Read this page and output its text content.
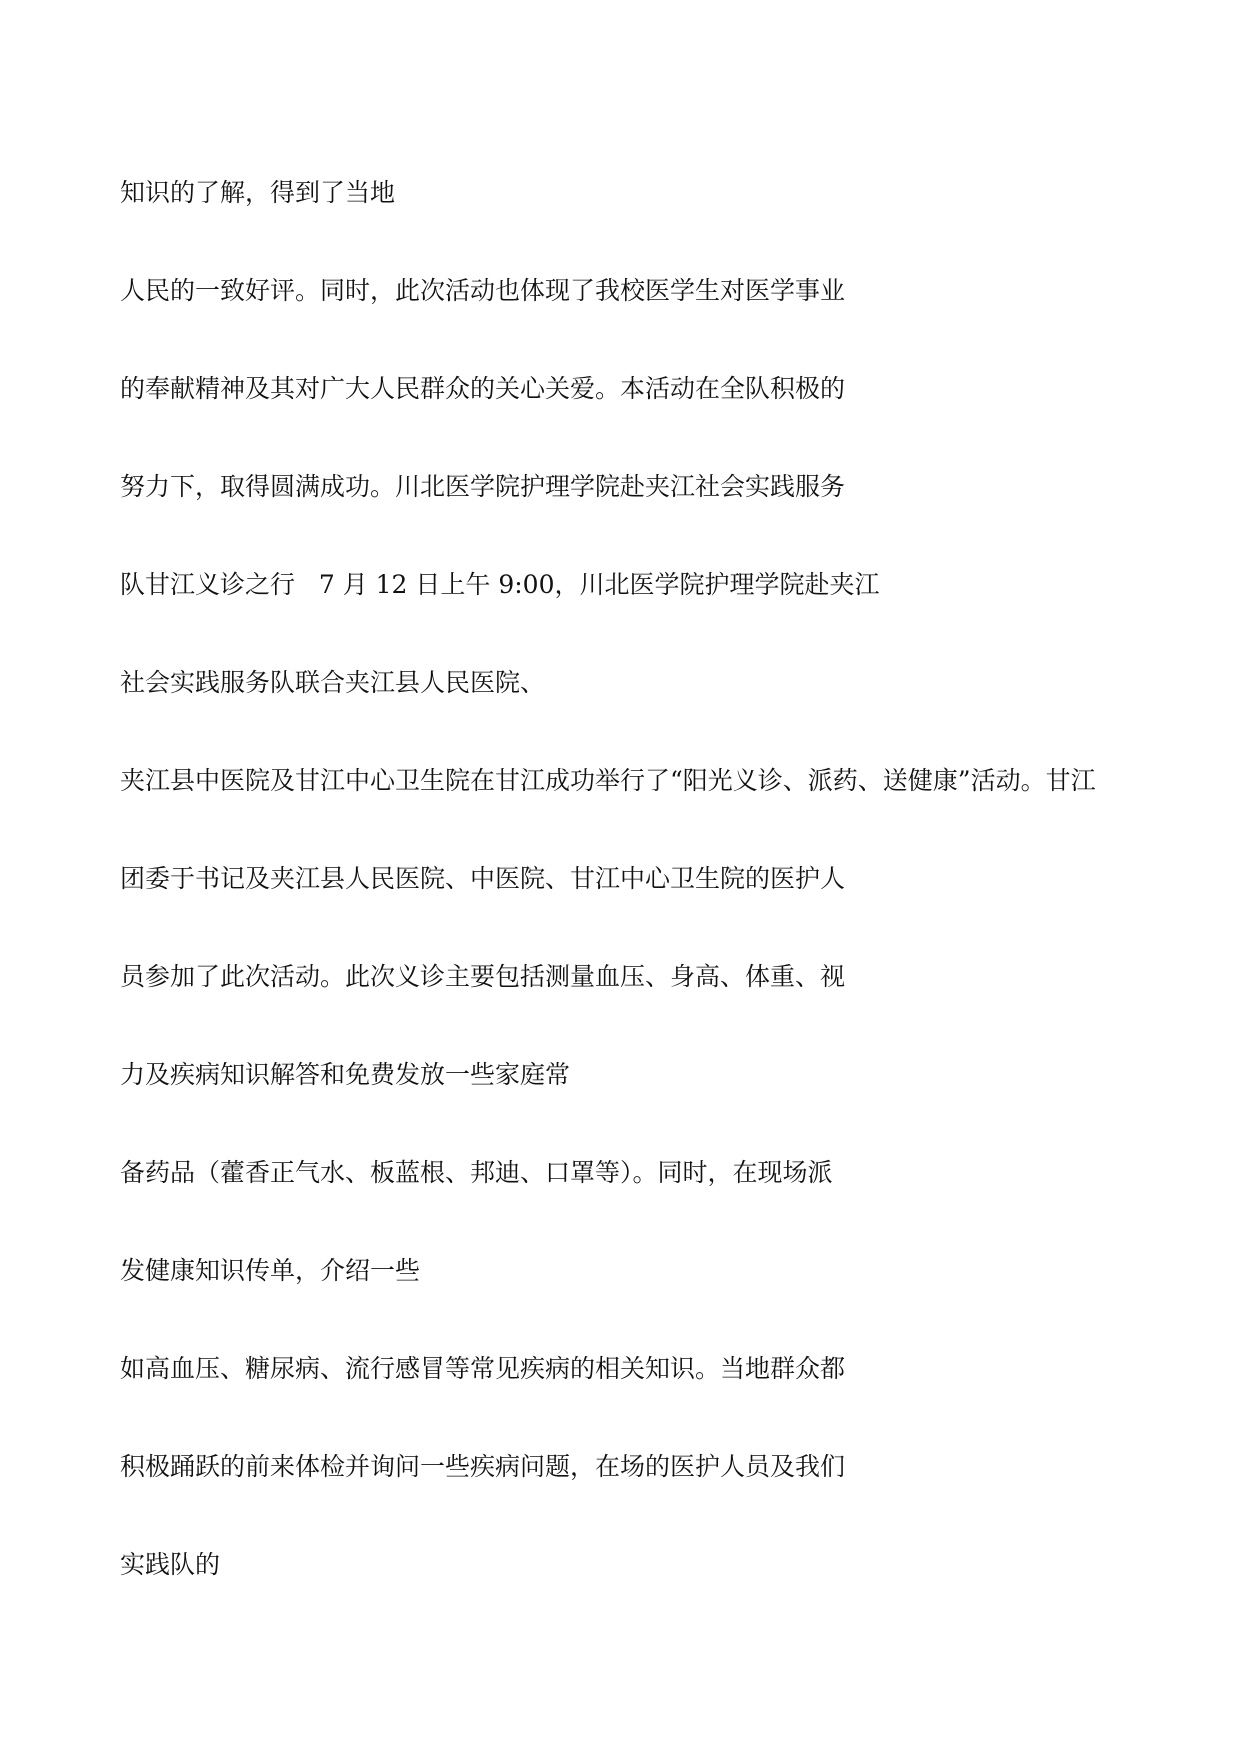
知识的了解，得到了当地

人民的一致好评。同时，此次活动也体现了我校医学生对医学事业

的奉献精神及其对广大人民群众的关心关爱。本活动在全队积极的

努力下，取得圆满成功。川北医学院护理学院赴夹江社会实践服务

队甘江义诊之行   7 月 12 日上午 9:00，川北医学院护理学院赴夹江

社会实践服务队联合夹江县人民医院、

夹江县中医院及甘江中心卫生院在甘江成功举行了“阳光义诊、派药、送健康”活动。甘江

团委于书记及夹江县人民医院、中医院、甘江中心卫生院的医护人

员参加了此次活动。此次义诊主要包括测量血压、身高、体重、视

力及疾病知识解答和免费发放一些家庭常

备药品（藿香正气水、板蓝根、邦迪、口罩等）。同时，在现场派

发健康知识传单，介绍一些

如高血压、糖尿病、流行感冒等常见疾病的相关知识。当地群众都

积极踊跃的前来体检并询问一些疾病问题，在场的医护人员及我们

实践队的
